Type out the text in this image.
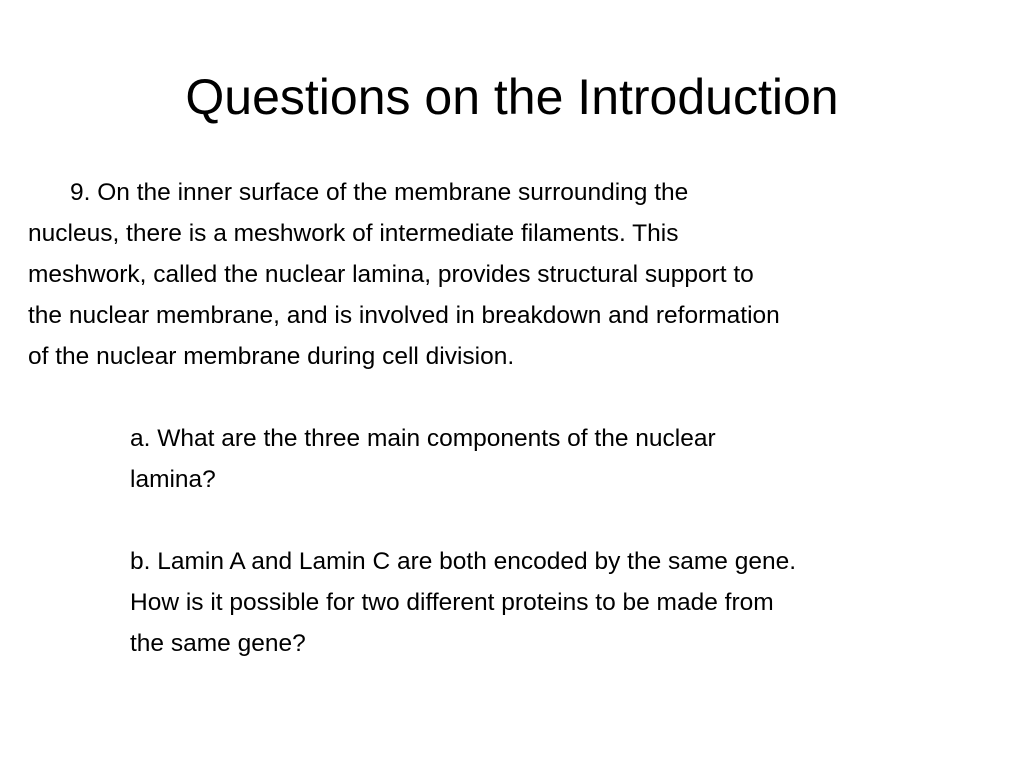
Questions on the Introduction

9. On the inner surface of the membrane surrounding the
nucleus, there is a meshwork of intermediate filaments. This
meshwork, called the nuclear lamina, provides structural support to
the nuclear membrane, and is involved in breakdown and reformation
of the nuclear membrane during cell division.

a. What are the three main components of the nuclear
lamina?

b. Lamin A and Lamin C are both encoded by the same gene.
How is it possible for two different proteins to be made from
the same gene?
